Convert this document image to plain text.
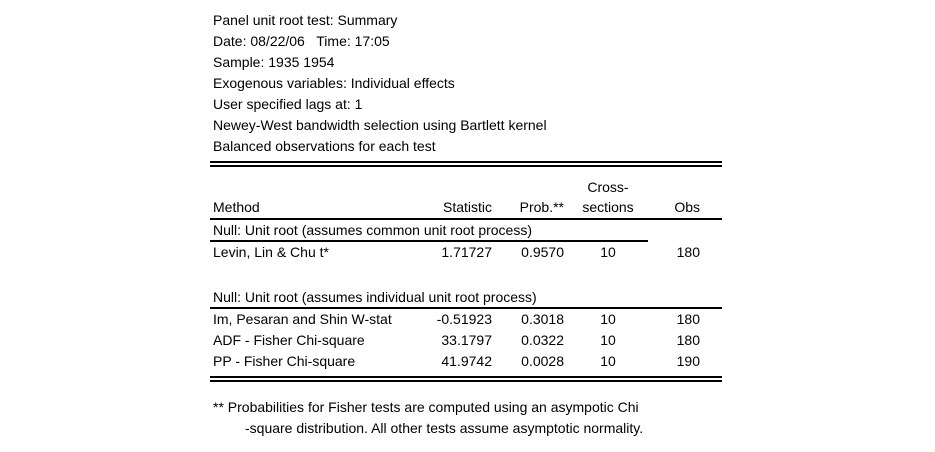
Panel unit root test: Summary
Date: 08/22/06   Time: 17:05
Sample: 1935 1954
Exogenous variables: Individual effects
User specified lags at: 1
Newey-West bandwidth selection using Bartlett kernel
Balanced observations for each test
Cross-
Method	Statistic	Prob.**	sections	Obs
Null: Unit root (assumes common unit root process)
Levin, Lin & Chu t*	1.71727	0.9570	10	180
Null: Unit root (assumes individual unit root process)
Im, Pesaran and Shin W-stat	-0.51923	0.3018	10	180
ADF - Fisher Chi-square	33.1797	0.0322	10	180
PP - Fisher Chi-square	41.9742	0.0028	10	190
** Probabilities for Fisher tests are computed using an asympotic Chi
-square distribution. All other tests assume asymptotic normality.
